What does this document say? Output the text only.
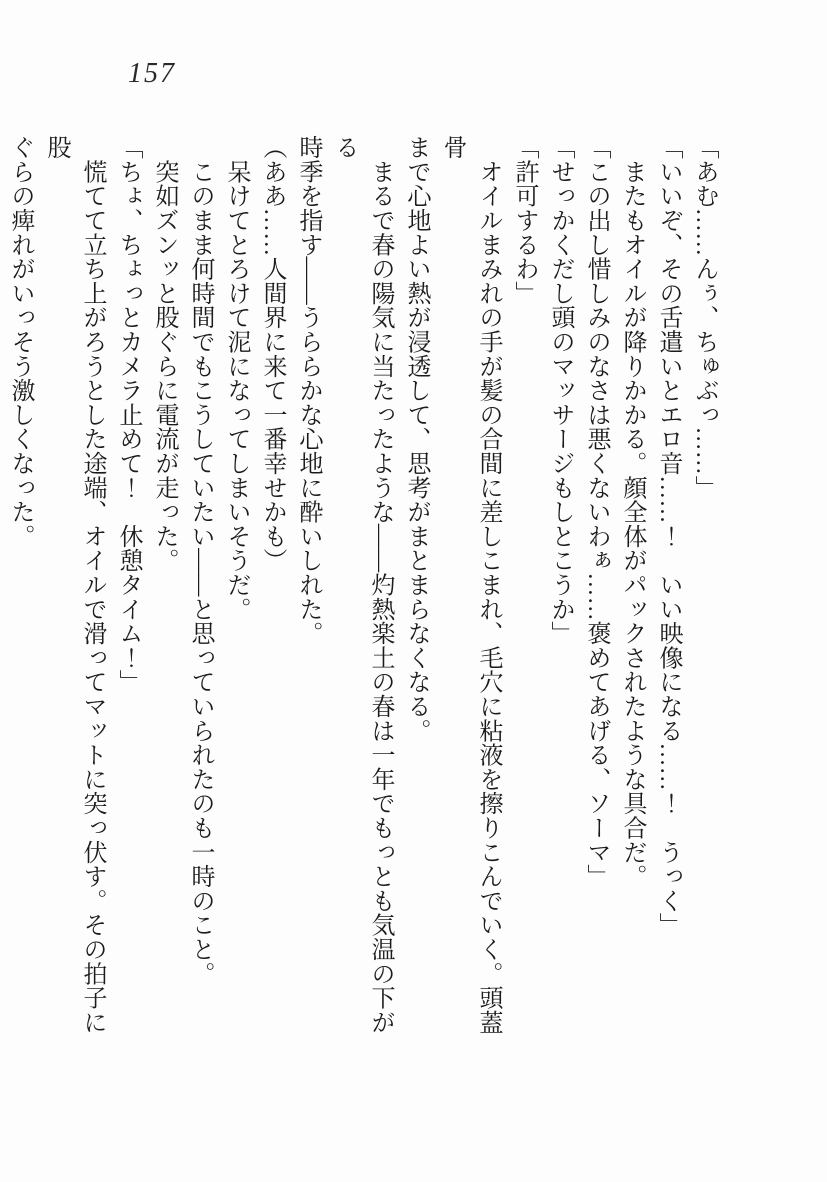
157

「あむ……んぅ、ちゅぶっ……」

「いいぞ、その舌遣いとエロ音……！　いい映像になる……！　うっく」

　またもオイルが降りかかる。顔全体がパックされたような具合だ。

「この出し惜しみのなさは悪くないわぁ……褒めてあげる、ソーマ」

「せっかくだし頭のマッサージもしとこうか」

「許可するわ」

　オイルまみれの手が髪の合間に差しこまれ、毛穴に粘液を擦りこんでいく。頭蓋骨

まで心地よい熱が浸透して、思考がまとまらなくなる。

　まるで春の陽気に当たったような――灼熱楽土の春は一年でもっとも気温の下がる

時季を指す――うららかな心地に酔いしれた。

（ああ……人間界に来て一番幸せかも）

　呆けてとろけて泥になってしまいそうだ。

　このまま何時間でもこうしていたい――と思っていられたのも一時のこと。

　突如ズンッと股ぐらに電流が走った。

「ちょ、ちょっとカメラ止めて！　休憩タイム！」

　慌てて立ち上がろうとした途端、オイルで滑ってマットに突っ伏す。その拍子に股

ぐらの痺れがいっそう激しくなった。
